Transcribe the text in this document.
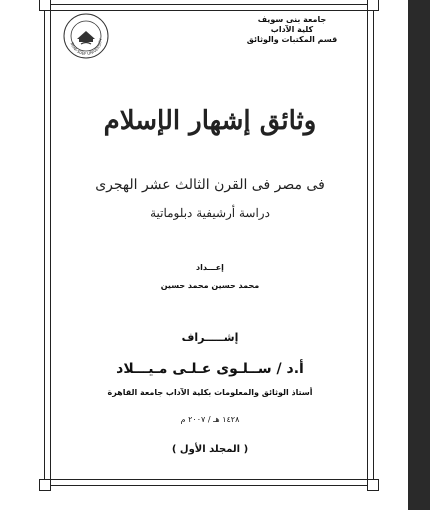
BENI-SUEF UNIVERSITY
جامعة بنى سويف
كلية الآداب
قسم المكتبات والوثائق
وثائق إشهار الإسلام
فى مصر فى القرن الثالث عشر الهجرى
دراسة أرشيفية دبلوماتية
إعـــداد
محمد حسين محمد حسين
إشـــــراف
أ.د / ســلـوى عـلـى مـيـــلاد
أستاذ الوثائق والمعلومات بكلية الآداب جامعة القاهرة
١٤٢٨ هـ / ٢٠٠٧ م
( المجلد الأول )
